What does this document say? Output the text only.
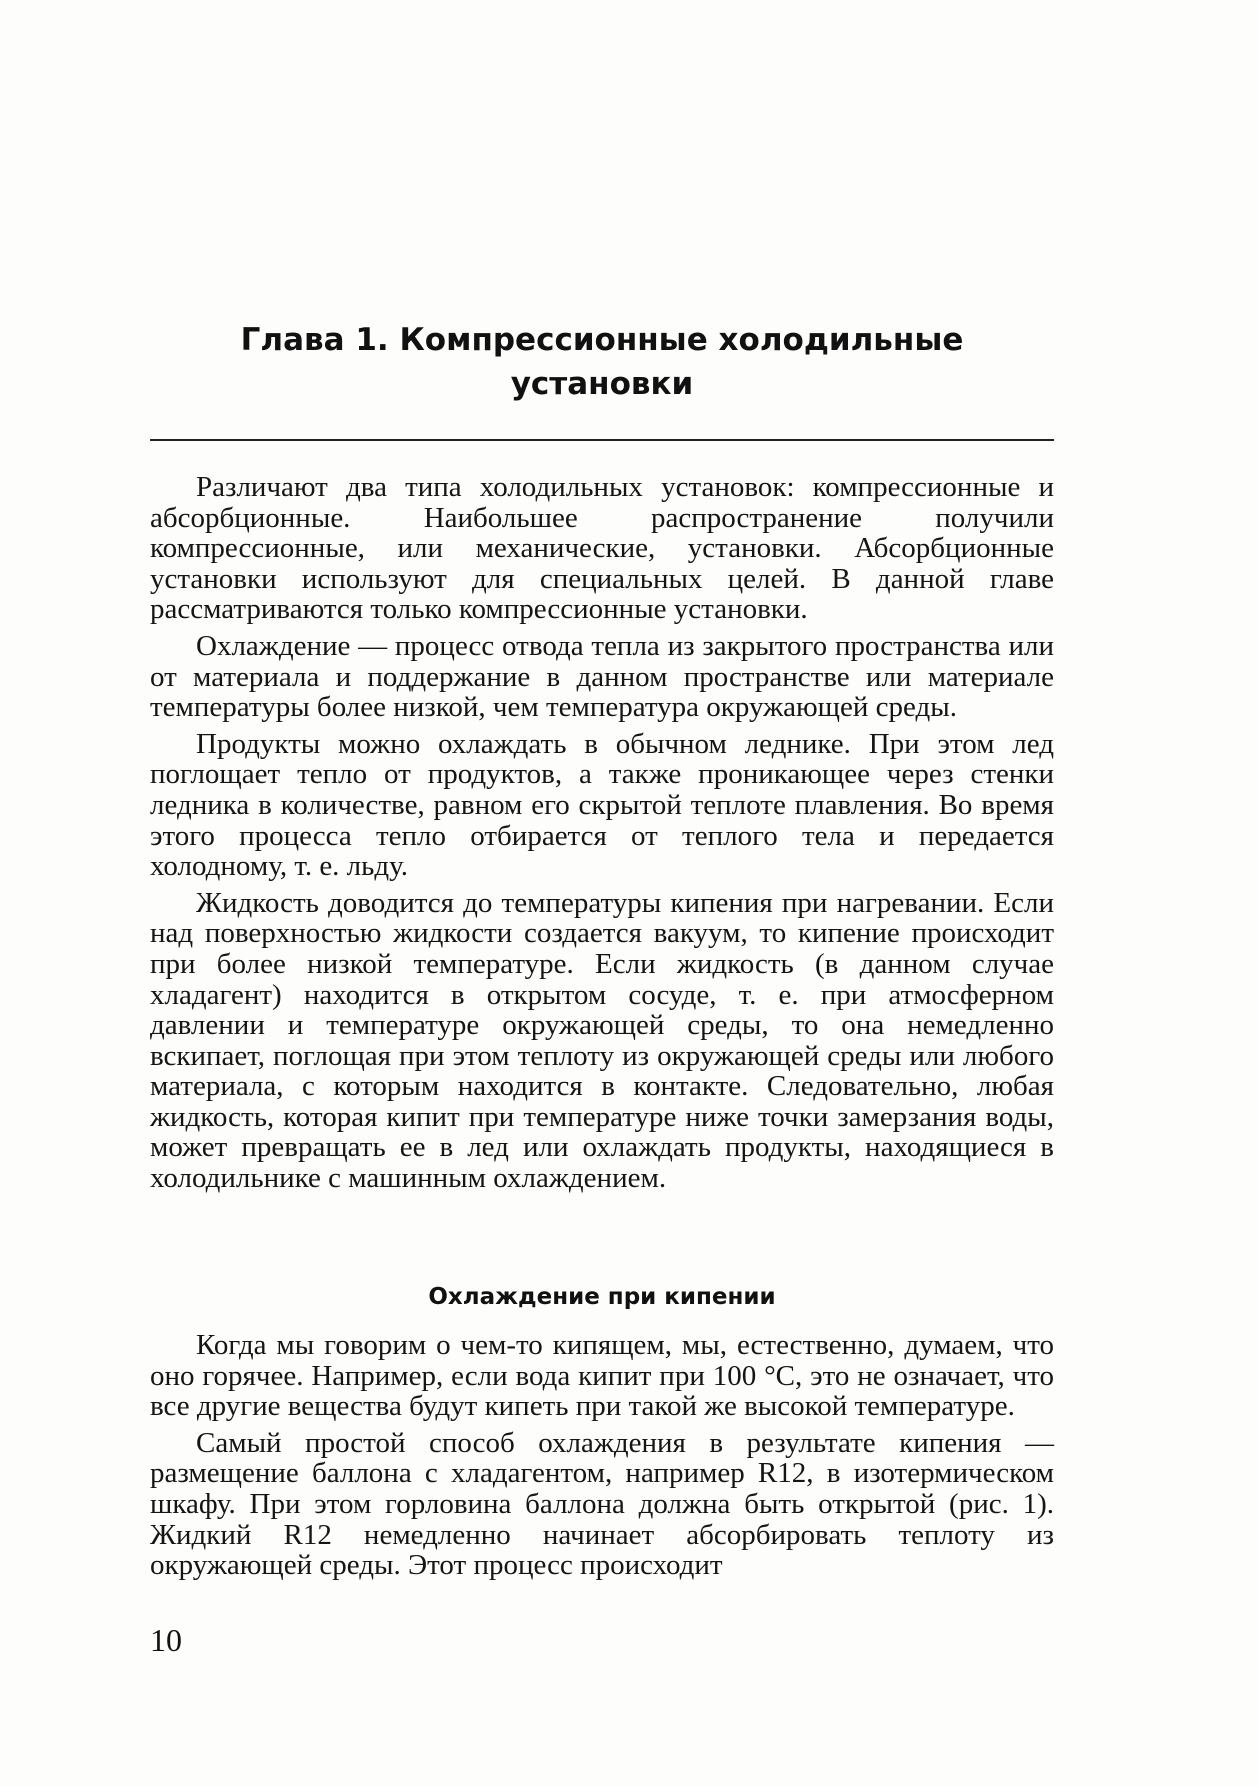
Глава 1. Компрессионные холодильные
установки

Различают два типа холодильных установок: компрессионные и абсорбционные. Наибольшее распространение получили компрессионные, или механические, установки. Абсорбционные установки используют для специальных целей. В данной главе рассматриваются только компрессионные установки.

Охлаждение — процесс отвода тепла из закрытого пространства или от материала и поддержание в данном пространстве или материале температуры более низкой, чем температура окружающей среды.

Продукты можно охлаждать в обычном леднике. При этом лед поглощает тепло от продуктов, а также проникающее через стенки ледника в количестве, равном его скрытой теплоте плавления. Во время этого процесса тепло отбирается от теплого тела и передается холодному, т. е. льду.

Жидкость доводится до температуры кипения при нагревании. Если над поверхностью жидкости создается вакуум, то кипение происходит при более низкой температуре. Если жидкость (в данном случае хладагент) находится в открытом сосуде, т. е. при атмосферном давлении и температуре окружающей среды, то она немедленно вскипает, поглощая при этом теплоту из окружающей среды или любого материала, с которым находится в контакте. Следовательно, любая жидкость, которая кипит при температуре ниже точки замерзания воды, может превращать ее в лед или охлаждать продукты, находящиеся в холодильнике с машинным охлаждением.

Охлаждение при кипении

Когда мы говорим о чем-то кипящем, мы, естественно, думаем, что оно горячее. Например, если вода кипит при 100 °С, это не означает, что все другие вещества будут кипеть при такой же высокой температуре.

Самый простой способ охлаждения в результате кипения — размещение баллона с хладагентом, например R12, в изотермическом шкафу. При этом горловина баллона должна быть открытой (рис. 1). Жидкий R12 немедленно начинает абсорбировать теплоту из окружающей среды. Этот процесс происходит

10
